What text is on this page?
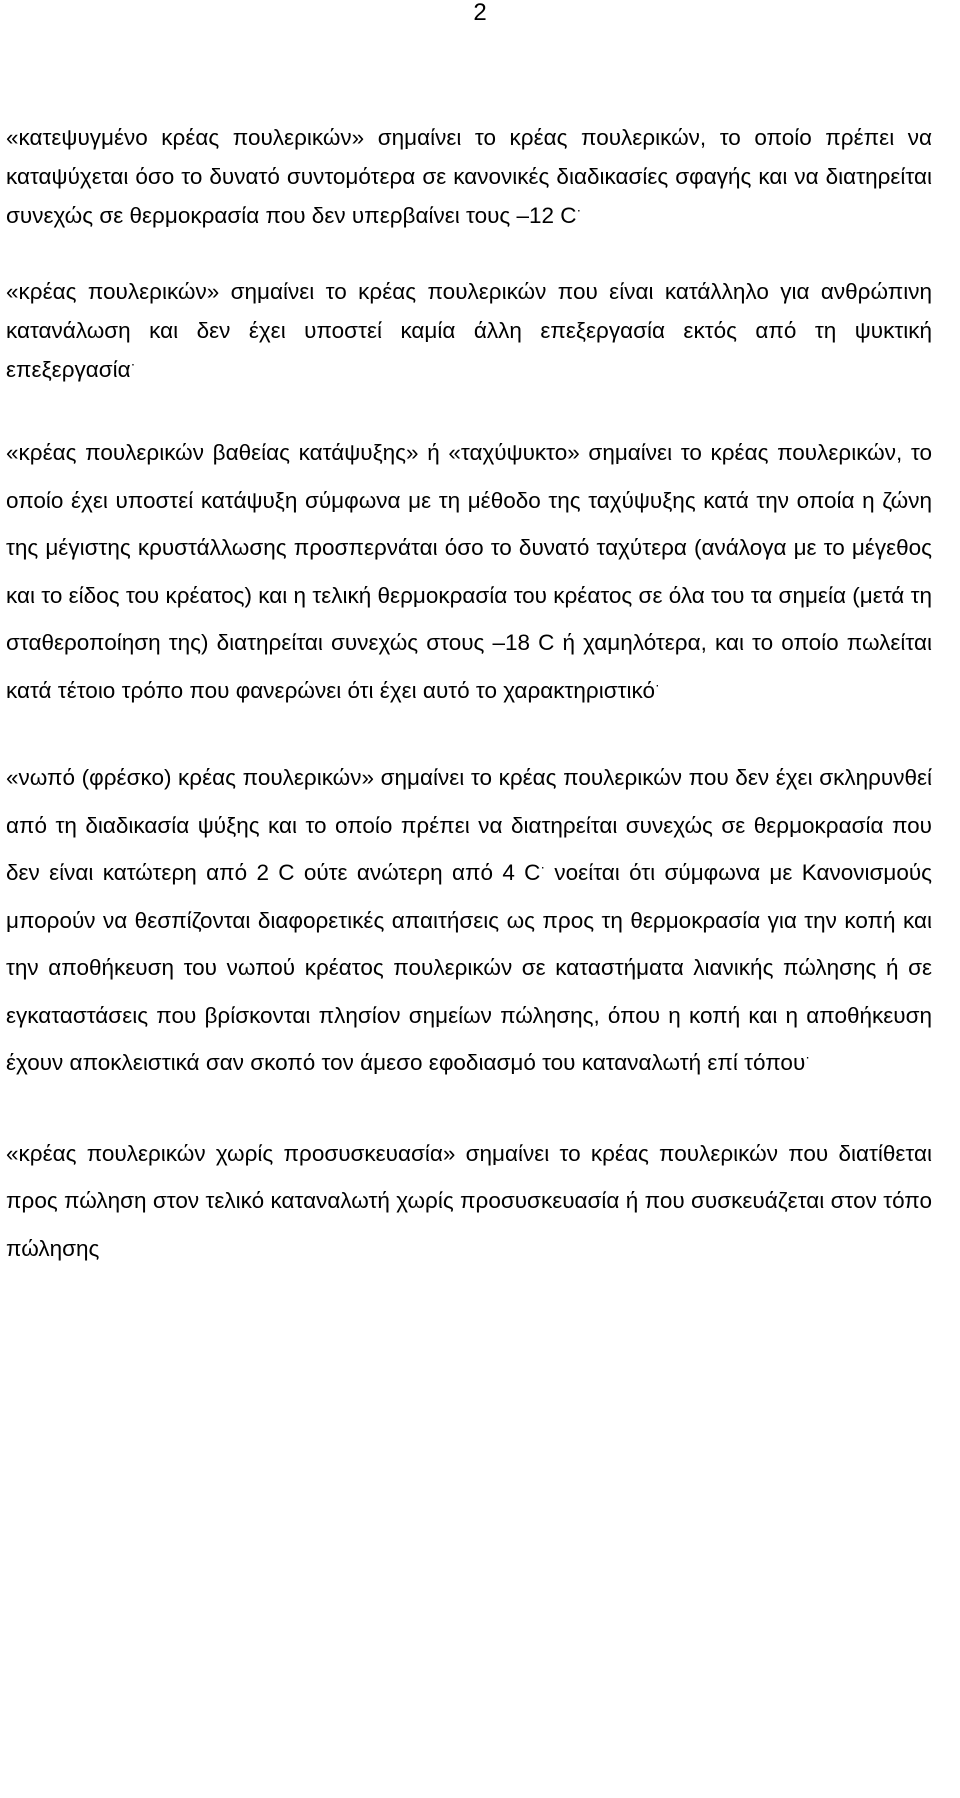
2

«κατεψυγμένο κρέας πουλερικών» σημαίνει το κρέας πουλερικών, το οποίο πρέπει να καταψύχεται όσο το δυνατό συντομότερα σε κανονικές διαδικασίες σφαγής και να διατηρείται συνεχώς σε θερμοκρασία που δεν υπερβαίνει τους –12 C·

«κρέας πουλερικών» σημαίνει το κρέας πουλερικών που είναι κατάλληλο για ανθρώπινη κατανάλωση και δεν έχει υποστεί καμία άλλη επεξεργασία εκτός από τη ψυκτική επεξεργασία·

«κρέας πουλερικών βαθείας κατάψυξης» ή «ταχύψυκτο» σημαίνει το κρέας πουλερικών, το οποίο έχει υποστεί κατάψυξη σύμφωνα με τη μέθοδο της ταχύψυξης κατά την οποία η ζώνη της μέγιστης κρυστάλλωσης προσπερνάται όσο το δυνατό ταχύτερα (ανάλογα με το μέγεθος και το είδος του κρέατος) και η τελική θερμοκρασία του κρέατος σε όλα του τα σημεία (μετά τη σταθεροποίηση της) διατηρείται συνεχώς στους –18 C ή χαμηλότερα, και το οποίο πωλείται κατά τέτοιο τρόπο που φανερώνει ότι έχει αυτό το χαρακτηριστικό·

«νωπό (φρέσκο) κρέας πουλερικών» σημαίνει το κρέας πουλερικών που δεν έχει σκληρυνθεί από τη διαδικασία ψύξης και το οποίο πρέπει να διατηρείται συνεχώς σε θερμοκρασία που δεν είναι κατώτερη από 2 C ούτε ανώτερη από 4 C· νοείται ότι σύμφωνα με Κανονισμούς μπορούν να θεσπίζονται διαφορετικές απαιτήσεις ως προς τη θερμοκρασία για την κοπή και την αποθήκευση του νωπού κρέατος πουλερικών σε καταστήματα λιανικής πώλησης ή σε εγκαταστάσεις που βρίσκονται πλησίον σημείων πώλησης, όπου η κοπή και η αποθήκευση έχουν αποκλειστικά σαν σκοπό τον άμεσο εφοδιασμό του καταναλωτή επί τόπου·

«κρέας πουλερικών χωρίς προσυσκευασία» σημαίνει το κρέας πουλερικών που διατίθεται προς πώληση στον τελικό καταναλωτή χωρίς προσυσκευασία ή που συσκευάζεται στον τόπο πώλησης
